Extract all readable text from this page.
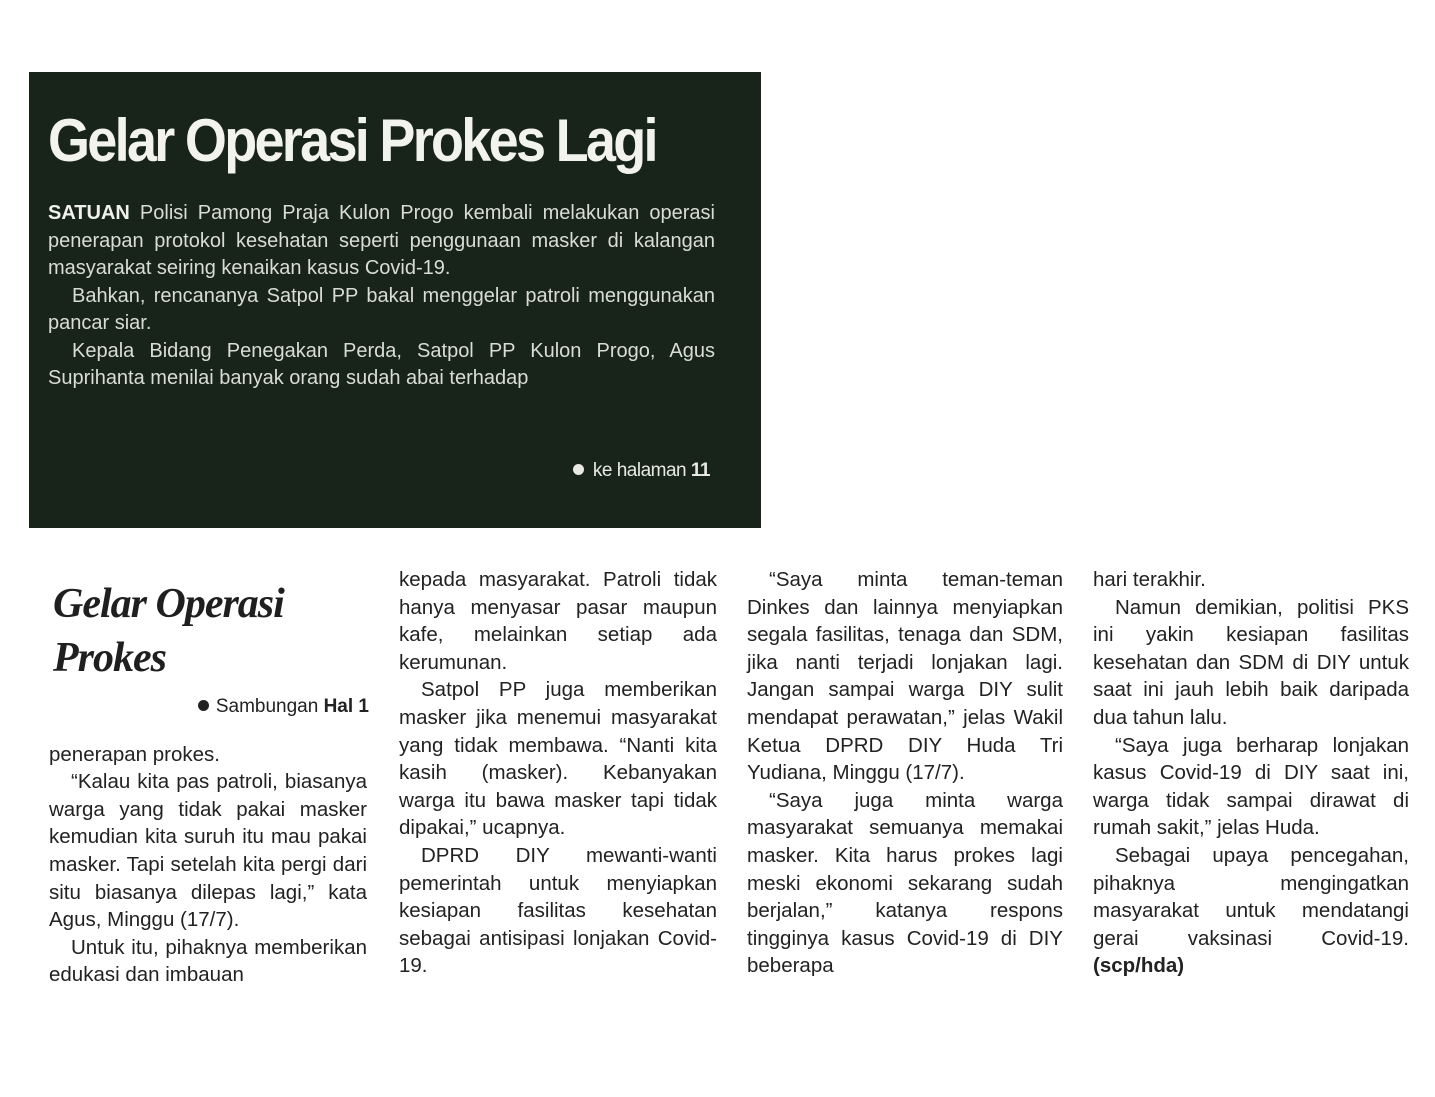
Gelar Operasi Prokes Lagi

SATUAN Polisi Pamong Praja Kulon Progo kembali melakukan operasi penerapan protokol kesehatan seperti penggunaan masker di kalangan masyarakat seiring kenaikan kasus Covid-19.

Bahkan, rencananya Satpol PP bakal menggelar patroli menggunakan pancar siar.

Kepala Bidang Penegakan Perda, Satpol PP Kulon Progo, Agus Suprihanta menilai banyak orang sudah abai terhadap

ke halaman 11
Gelar Operasi Prokes
Sambungan Hal 1

penerapan prokes.

“Kalau kita pas patroli, biasanya warga yang tidak pakai masker kemudian kita suruh itu mau pakai masker. Tapi setelah kita pergi dari situ biasanya dilepas lagi,” kata Agus, Minggu (17/7).

Untuk itu, pihaknya memberikan edukasi dan imbauan

kepada masyarakat. Patroli tidak hanya menyasar pasar maupun kafe, melainkan setiap ada kerumunan.

Satpol PP juga memberikan masker jika menemui masyarakat yang tidak membawa. “Nanti kita kasih (masker). Kebanyakan warga itu bawa masker tapi tidak dipakai,” ucapnya.

DPRD DIY mewanti-wanti pemerintah untuk menyiapkan kesiapan fasilitas kesehatan sebagai antisipasi lonjakan Covid-19.

“Saya minta teman-teman Dinkes dan lainnya menyiapkan segala fasilitas, tenaga dan SDM, jika nanti terjadi lonjakan lagi. Jangan sampai warga DIY sulit mendapat perawatan,” jelas Wakil Ketua DPRD DIY Huda Tri Yudiana, Minggu (17/7).

“Saya juga minta warga masyarakat semuanya memakai masker. Kita harus prokes lagi meski ekonomi sekarang sudah berjalan,” katanya respons tingginya kasus Covid-19 di DIY beberapa

hari terakhir.

Namun demikian, politisi PKS ini yakin kesiapan fasilitas kesehatan dan SDM di DIY untuk saat ini jauh lebih baik daripada dua tahun lalu.

“Saya juga berharap lonjakan kasus Covid-19 di DIY saat ini, warga tidak sampai dirawat di rumah sakit,” jelas Huda.

Sebagai upaya pencegahan, pihaknya mengingatkan masyarakat untuk mendatangi gerai vaksinasi Covid-19. (scp/hda)
